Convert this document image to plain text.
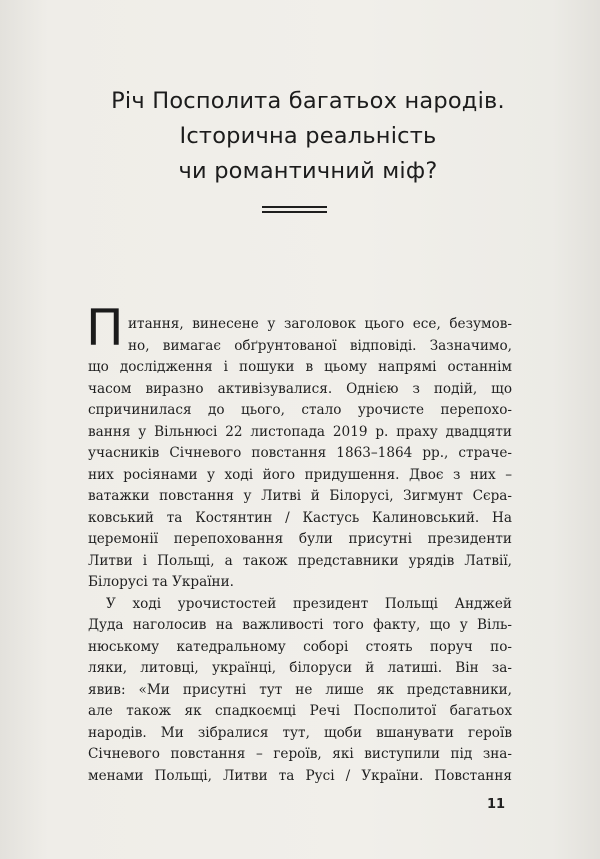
Річ Посполита багатьох народів.
Історична реальність
чи романтичний міф?
П итання, винесене у заголовок цього есе, безумов-
но, вимагає обґрунтованої відповіді. Зазначимо,
що дослідження і пошуки в цьому напрямі останнім
часом виразно активізувалися. Однією з подій, що
спричинилася до цього, стало урочисте перепохо-
вання у Вільнюсі 22 листопада 2019 р. праху двадцяти
учасників Січневого повстання 1863–1864 рр., страче-
них росіянами у ході його придушення. Двоє з них –
ватажки повстання у Литві й Білорусі, Зигмунт Сєра-
ковський та Костянтин / Кастусь Калиновський. На
церемонії перепоховання були присутні президенти
Литви і Польщі, а також представники урядів Латвії,
Білорусі та України.
У ході урочистостей президент Польщі Анджей
Дуда наголосив на важливості того факту, що у Віль-
нюському катедральному соборі стоять поруч по-
ляки, литовці, українці, білоруси й латиші. Він за-
явив: «Ми присутні тут не лише як представники,
але також як спадкоємці Речі Посполитої багатьох
народів. Ми зібралися тут, щоби вшанувати героїв
Січневого повстання – героїв, які виступили під зна-
менами Польщі, Литви та Русі / України. Повстання
11
